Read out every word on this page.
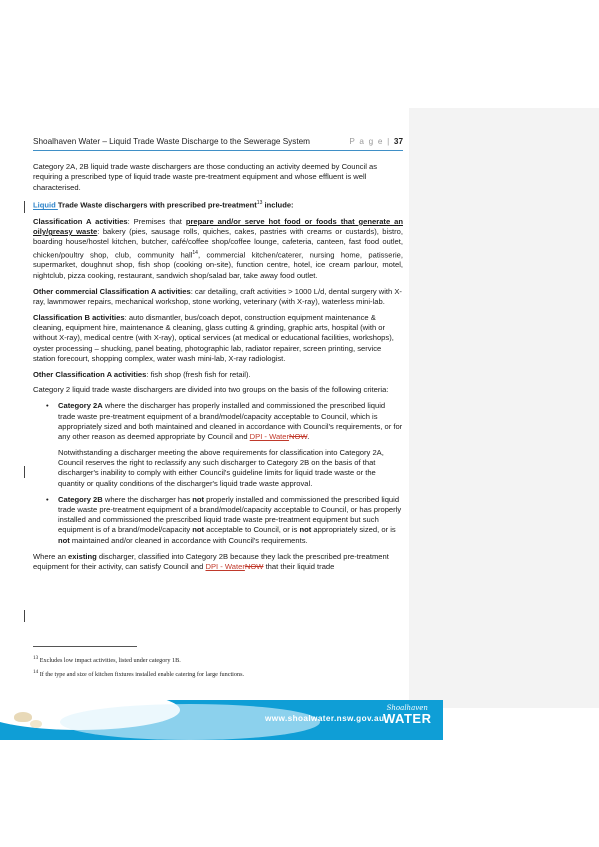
Shoalhaven Water – Liquid Trade Waste Discharge to the Sewerage System	P a g e | 37

Category 2A, 2B liquid trade waste dischargers are those conducting an activity deemed by Council as requiring a prescribed type of liquid trade waste pre-treatment equipment and whose effluent is well characterised.

Liquid Trade Waste dischargers with prescribed pre-treatment$^{13}$ include:

Classification A activities: Premises that prepare and/or serve hot food or foods that generate an oily/greasy waste: bakery (pies, sausage rolls, quiches, cakes, pastries with creams or custards), bistro, boarding house/hostel kitchen, butcher, café/coffee shop/coffee lounge, cafeteria, canteen, fast food outlet, chicken/poultry shop, club, community hall$^{14}$, commercial kitchen/caterer, nursing home, patisserie, supermarket, doughnut shop, fish shop (cooking on-site), function centre, hotel, ice cream parlour, motel, nightclub, pizza cooking, restaurant, sandwich shop/salad bar, take away food outlet.

Other commercial Classification A activities: car detailing, craft activities > 1000 L/d, dental surgery with X-ray, lawnmower repairs, mechanical workshop, stone working, veterinary (with X-ray), waterless mini-lab.

Classification B activities: auto dismantler, bus/coach depot, construction equipment maintenance & cleaning, equipment hire, maintenance & cleaning, glass cutting & grinding, graphic arts, hospital (with or without X-ray), medical centre (with X-ray), optical services (at medical or educational facilities, workshops), oyster processing – shucking, panel beating, photographic lab, radiator repairer, screen printing, service station forecourt, shopping complex, water wash mini-lab, X-ray radiologist.

Other Classification A activities: fish shop (fresh fish for retail).

Category 2 liquid trade waste dischargers are divided into two groups on the basis of the following criteria:

• Category 2A where the discharger has properly installed and commissioned the prescribed liquid trade waste pre-treatment equipment of a brand/model/capacity acceptable to Council, which is appropriately sized and both maintained and cleaned in accordance with Council's requirements, or for any other reason as deemed appropriate by Council and DPI - WaterNOW.

Notwithstanding a discharger meeting the above requirements for classification into Category 2A, Council reserves the right to reclassify any such discharger to Category 2B on the basis of that discharger's inability to comply with either Council's guideline limits for liquid trade waste or the quantity or quality conditions of the discharger's liquid trade waste approval.

• Category 2B where the discharger has not properly installed and commissioned the prescribed liquid trade waste pre-treatment equipment of a brand/model/capacity acceptable to Council, or has properly installed and commissioned the prescribed liquid trade waste pre-treatment equipment but such equipment is of a brand/model/capacity not acceptable to Council, or is not appropriately sized, or is not maintained and/or cleaned in accordance with Council's requirements.

Where an existing discharger, classified into Category 2B because they lack the prescribed pre-treatment equipment for their activity, can satisfy Council and DPI - WaterNOW that their liquid trade

$^{13}$ Excludes low impact activities, listed under category 1B.
$^{14}$ If the type and size of kitchen fixtures installed enable catering for large functions.
www.shoalwater.nsw.gov.au
Shoalhaven
WATER
